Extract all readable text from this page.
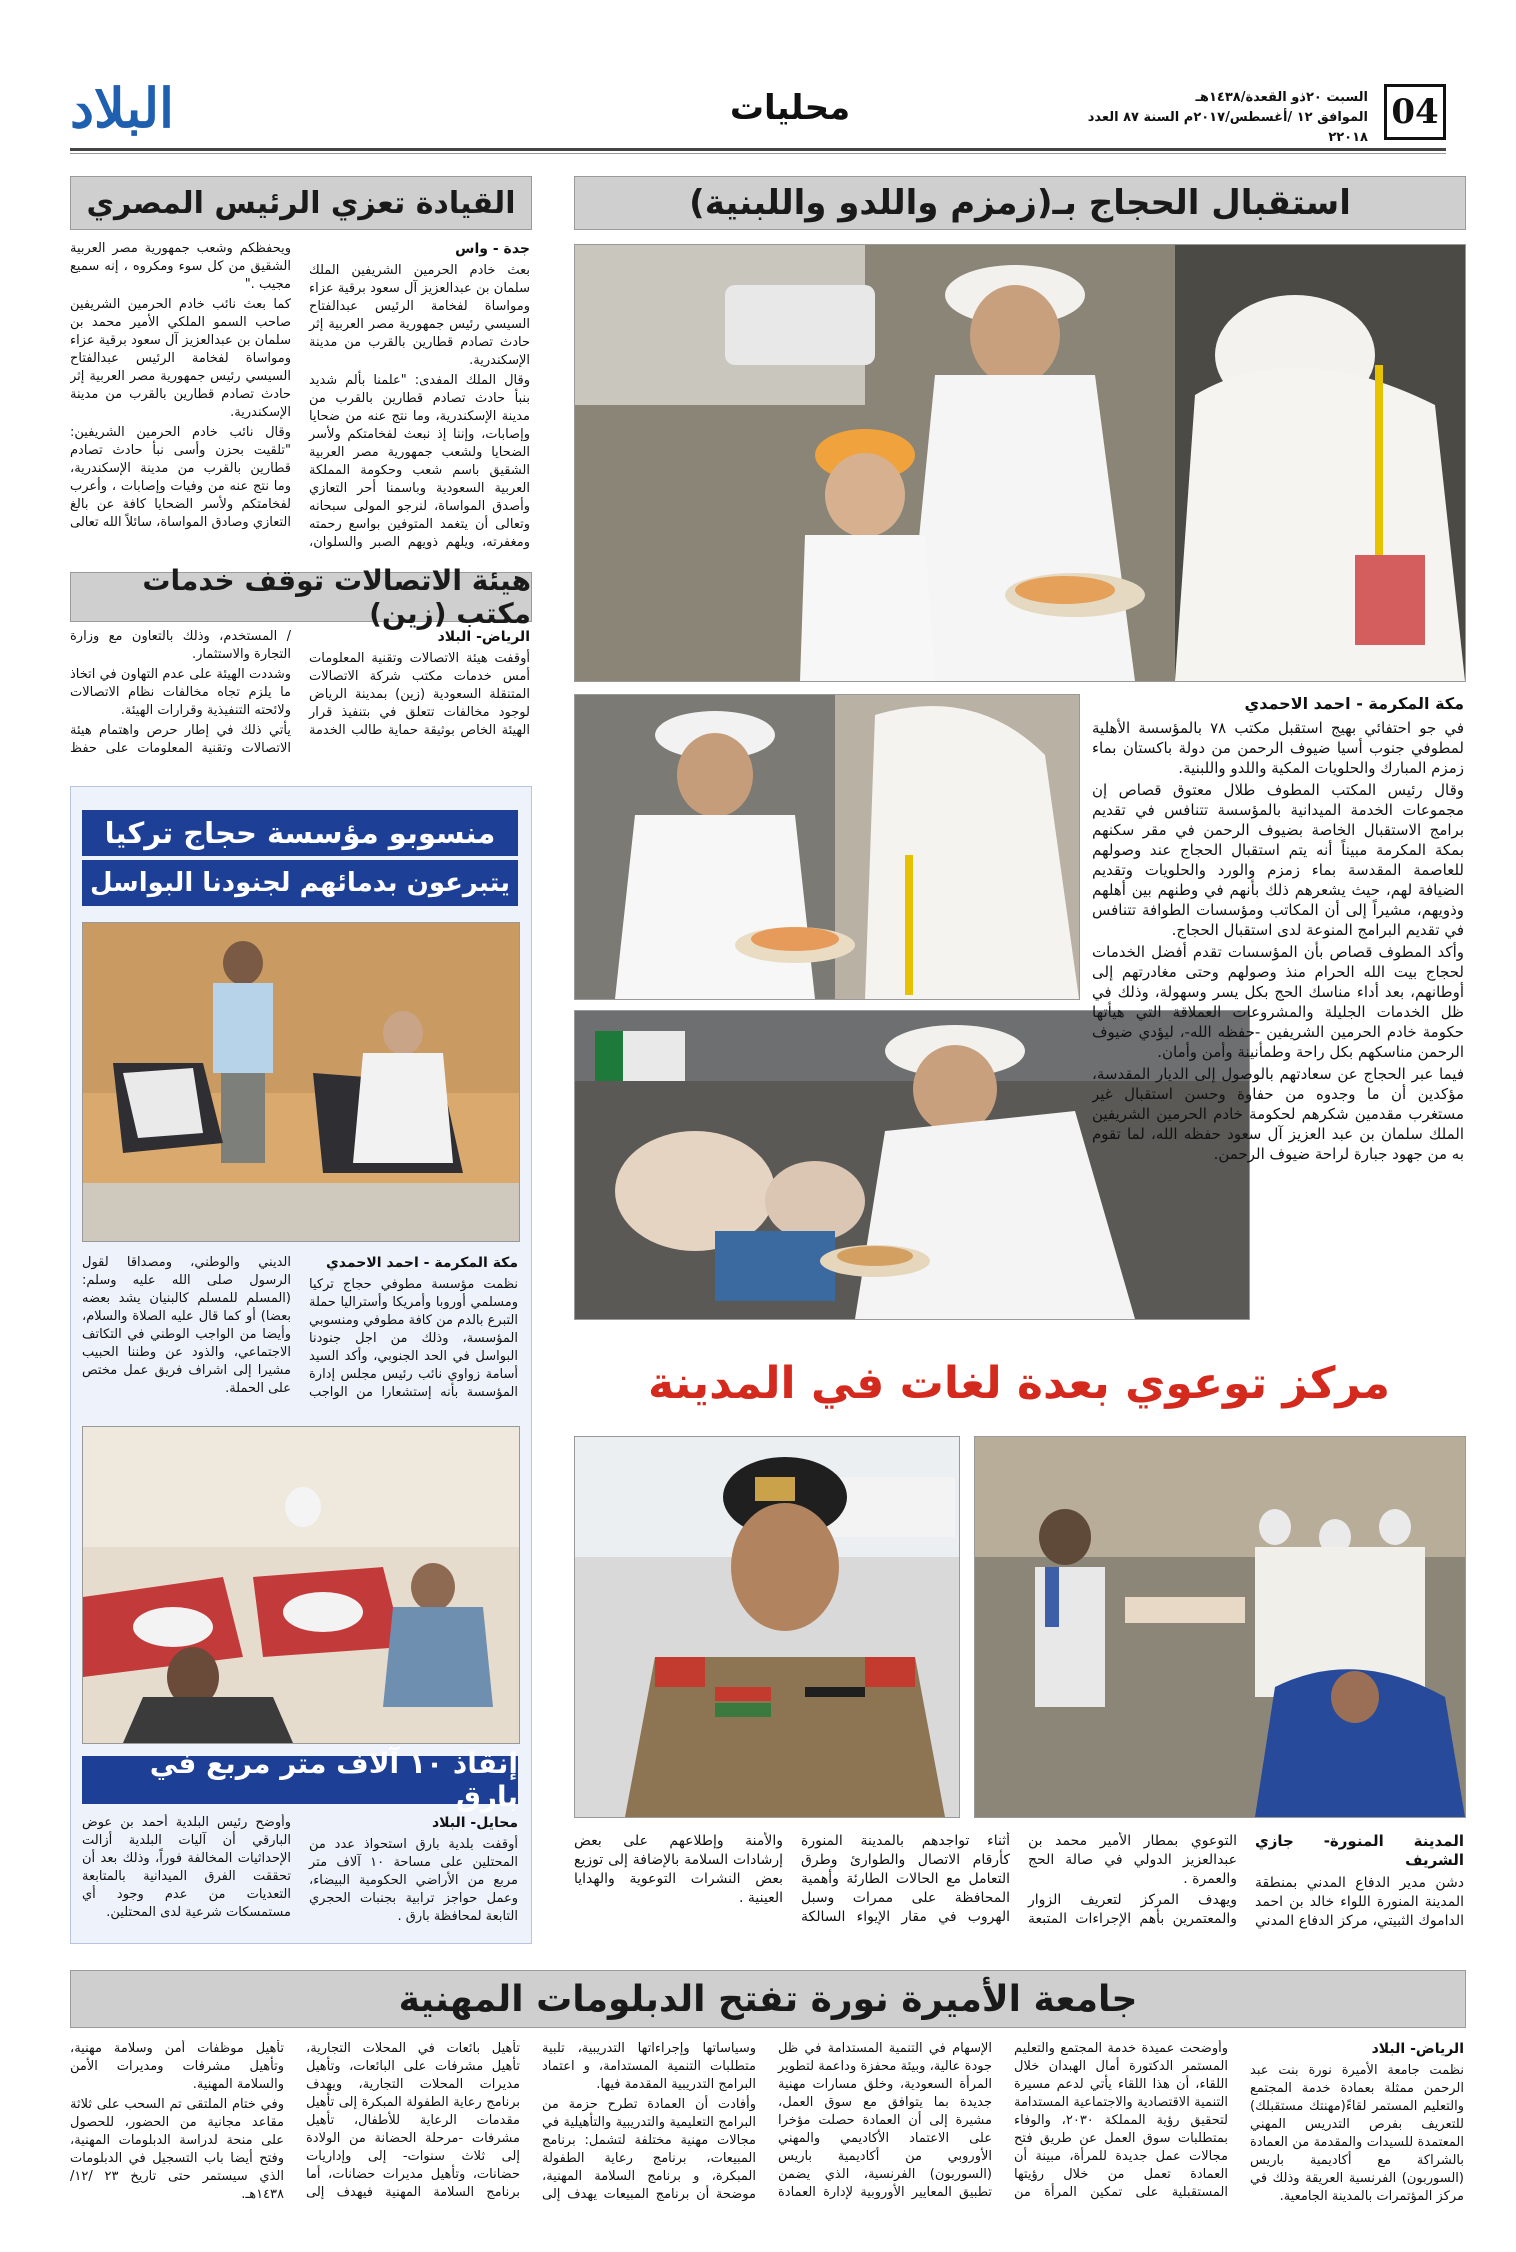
04
السبت ٢٠ذو القعدة/١٤٣٨هـ
الموافق ١٢ /أغسطس/٢٠١٧م السنة ٨٧ العدد ٢٢٠١٨
محليات
البلاد
استقبال الحجاج بـ(زمزم واللدو واللبنية)
مكة المكرمة - احمد الاحمدي

في جو احتفائي بهيج استقبل مكتب ٧٨ بالمؤسسة الأهلية لمطوفي جنوب أسيا ضيوف الرحمن من دولة باكستان بماء زمزم المبارك والحلويات المكية واللدو واللبنية.

وقال رئيس المكتب المطوف طلال معتوق قصاص إن مجموعات الخدمة الميدانية بالمؤسسة تتنافس في تقديم برامج الاستقبال الخاصة بضيوف الرحمن في مقر سكنهم بمكة المكرمة مبيناً أنه يتم استقبال الحجاج عند وصولهم للعاصمة المقدسة بماء زمزم والورد والحلويات وتقديم الضيافة لهم، حيث يشعرهم ذلك بأنهم في وطنهم بين أهلهم وذويهم، مشيراً إلى أن المكاتب ومؤسسات الطوافة تتنافس في تقديم البرامج المنوعة لدى استقبال الحجاج.

وأكد المطوف قصاص بأن المؤسسات تقدم أفضل الخدمات لحجاج بيت الله الحرام منذ وصولهم وحتى مغادرتهم إلى أوطانهم، بعد أداء مناسك الحج بكل يسر وسهولة، وذلك في ظل الخدمات الجليلة والمشروعات العملاقة التي هيأتها حكومة خادم الحرمين الشريفين -حفظه الله-، ليؤدي ضيوف الرحمن مناسكهم بكل راحة وطمأنينة وأمن وأمان.

فيما عبر الحجاج عن سعادتهم بالوصول إلى الديار المقدسة، مؤكدين أن ما وجدوه من حفاوة وحسن استقبال غير مستغرب مقدمين شكرهم لحكومة خادم الحرمين الشريفين الملك سلمان بن عبد العزيز آل سعود حفظه الله، لما تقوم به من جهود جبارة لراحة ضيوف الرحمن.

القيادة تعزي الرئيس المصري
جدة - واس

بعث خادم الحرمين الشريفين الملك سلمان بن عبدالعزيز آل سعود برقية عزاء ومواساة لفخامة الرئيس عبدالفتاح السيسي رئيس جمهورية مصر العربية إثر حادث تصادم قطارين بالقرب من مدينة الإسكندرية.

وقال الملك المفدى: "علمنا بألم شديد بنبأ حادث تصادم قطارين بالقرب من مدينة الإسكندرية، وما نتج عنه من ضحايا وإصابات، وإننا إذ نبعث لفخامتكم ولأسر الضحايا ولشعب جمهورية مصر العربية الشقيق باسم شعب وحكومة المملكة العربية السعودية وباسمنا أحر التعازي وأصدق المواساة، لنرجو المولى سبحانه وتعالى أن يتغمد المتوفين بواسع رحمته ومغفرته، ويلهم ذويهم الصبر والسلوان، ويحفظكم وشعب جمهورية مصر العربية الشقيق من كل سوء ومكروه ، إنه سميع مجيب ."

كما بعث نائب خادم الحرمين الشريفين صاحب السمو الملكي الأمير محمد بن سلمان بن عبدالعزيز آل سعود برقية عزاء ومواساة لفخامة الرئيس عبدالفتاح السيسي رئيس جمهورية مصر العربية إثر حادث تصادم قطارين بالقرب من مدينة الإسكندرية.

وقال نائب خادم الحرمين الشريفين: "تلقيت بحزن وأسى نبأ حادث تصادم قطارين بالقرب من مدينة الإسكندرية، وما نتج عنه من وفيات وإصابات ، وأعرب لفخامتكم ولأسر الضحايا كافة عن بالغ التعازي وصادق المواساة، سائلاً الله تعالى

هيئة الاتصالات توقف خدمات مكتب (زين)
الرياض- البلاد

أوقفت هيئة الاتصالات وتقنية المعلومات أمس خدمات مكتب شركة الاتصالات المتنقلة السعودية (زين) بمدينة الرياض لوجود مخالفات تتعلق في بتنفيذ قرار الهيئة الخاص بوثيقة حماية طالب الخدمة / المستخدم، وذلك بالتعاون مع وزارة التجارة والاستثمار.

وشددت الهيئة على عدم التهاون في اتخاذ ما يلزم تجاه مخالفات نظام الاتصالات ولائحته التنفيذية وقرارات الهيئة.

يأتي ذلك في إطار حرص واهتمام هيئة الاتصالات وتقنية المعلومات على حفظ

منسوبو مؤسسة حجاج تركيا
يتبرعون بدمائهم لجنودنا البواسل
مكة المكرمة - احمد الاحمدي

نظمت مؤسسة مطوفي حجاج تركيا ومسلمي أوروبا وأمريكا وأستراليا حملة التبرع بالدم من كافة مطوفي ومنسوبي المؤسسة، وذلك من اجل جنودنا البواسل في الحد الجنوبي، وأكد السيد أسامة زواوي نائب رئيس مجلس إدارة المؤسسة بأنه إستشعارا من الواجب الديني والوطني، ومصداقا لقول الرسول صلى الله عليه وسلم: (المسلم للمسلم كالبنيان يشد بعضه بعضا) أو كما قال عليه الصلاة والسلام، وأيضا من الواجب الوطني في التكاتف الاجتماعي، والذود عن وطننا الحبيب مشيرا إلى اشراف فريق عمل مختص على الحملة.

إنقاذ ١٠ آلاف متر مربع في بارق
محايل- البلاد

أوقفت بلدية بارق استحواذ عدد من المحتلين على مساحة ١٠ آلاف متر مربع من الأراضي الحكومية البيضاء، وعمل حواجز ترابية بجنبات الحجري التابعة لمحافظة بارق .

وأوضح رئيس البلدية أحمد بن عوض البارقي أن آليات البلدية أزالت الإحداثيات المخالفة فوراً، وذلك بعد أن تحققت الفرق الميدانية بالمتابعة التعديات من عدم وجود أي مستمسكات شرعية لدى المحتلين.

مركز توعوي بعدة لغات في المدينة
المدينة المنورة- جازي الشريف

دشن مدير الدفاع المدني بمنطقة المدينة المنورة اللواء خالد بن احمد الداموك الثبيتي، مركز الدفاع المدني التوعوي بمطار الأمير محمد بن عبدالعزيز الدولي في صالة الحج والعمرة .

ويهدف المركز لتعريف الزوار والمعتمرين بأهم الإجراءات المتبعة أثناء تواجدهم بالمدينة المنورة كأرقام الاتصال والطوارئ وطرق التعامل مع الحالات الطارئة وأهمية المحافظة على ممرات وسبل الهروب في مقار الإيواء السالكة والأمنة وإطلاعهم على بعض إرشادات السلامة بالإضافة إلى توزيع بعض النشرات التوعوية والهدايا العينية .

جامعة الأميرة نورة تفتح الدبلومات المهنية
الرياض- البلاد

نظمت جامعة الأميرة نورة بنت عبد الرحمن ممثلة بعمادة خدمة المجتمع والتعليم المستمر لقاءً(مهنتك مستقبلك) للتعريف بفرص التدريس المهني المعتمدة للسيدات والمقدمة من العمادة بالشراكة مع أكاديمية باريس (السوربون) الفرنسية العريقة وذلك في مركز المؤتمرات بالمدينة الجامعية.

وأوضحت عميدة خدمة المجتمع والتعليم المستمر الدكتورة أمال الهبدان خلال اللقاء، أن هذا اللقاء يأتي لدعم مسيرة التنمية الاقتصادية والاجتماعية المستدامة لتحقيق رؤية المملكة ٢٠٣٠، والوفاء بمتطلبات سوق العمل عن طريق فتح مجالات عمل جديدة للمرأة، مبينة أن العمادة تعمل من خلال رؤيتها المستقبلية على تمكين المرأة من الإسهام في التنمية المستدامة في ظل جودة عالية، وبيئة محفزة وداعمة لتطوير المرأة السعودية، وخلق مسارات مهنية جديدة بما يتوافق مع سوق العمل، مشيرة إلى أن العمادة حصلت مؤخرا على الاعتماد الأكاديمي والمهني الأوروبي من أكاديمية باريس (السوربون) الفرنسية، الذي يضمن تطبيق المعايير الأوروبية لإدارة العمادة وسياساتها وإجراءاتها التدريبية، تلبية متطلبات التنمية المستدامة، و اعتماد البرامج التدريبية المقدمة فيها.

وأفادت أن العمادة تطرح حزمة من البرامج التعليمية والتدريبية والتأهيلية في مجالات مهنية مختلفة لتشمل: برنامج المبيعات، برنامج رعاية الطفولة المبكرة، و برنامج السلامة المهنية، موضحة أن برنامج المبيعات يهدف إلى تأهيل بائعات في المحلات التجارية، تأهيل مشرفات على البائعات، وتأهيل مديرات المحلات التجارية، ويهدف برنامج رعاية الطفولة المبكرة إلى تأهيل مقدمات الرعاية للأطفال، تأهيل مشرفات -مرحلة الحضانة من الولادة إلى ثلاث سنوات- إلى وإداريات حضانات، وتأهيل مديرات حضانات، أما برنامج السلامة المهنية فيهدف إلى تأهيل موظفات أمن وسلامة مهنية، وتأهيل مشرفات ومديرات الأمن والسلامة المهنية.

وفي ختام الملتقى تم السحب على ثلاثة مقاعد مجانية من الحضور، للحصول على منحة لدراسة الدبلومات المهنية، وفتح أيضا باب التسجيل في الدبلومات الذي سيستمر حتى تاريخ ٢٣ /١٢/ ١٤٣٨هـ.
